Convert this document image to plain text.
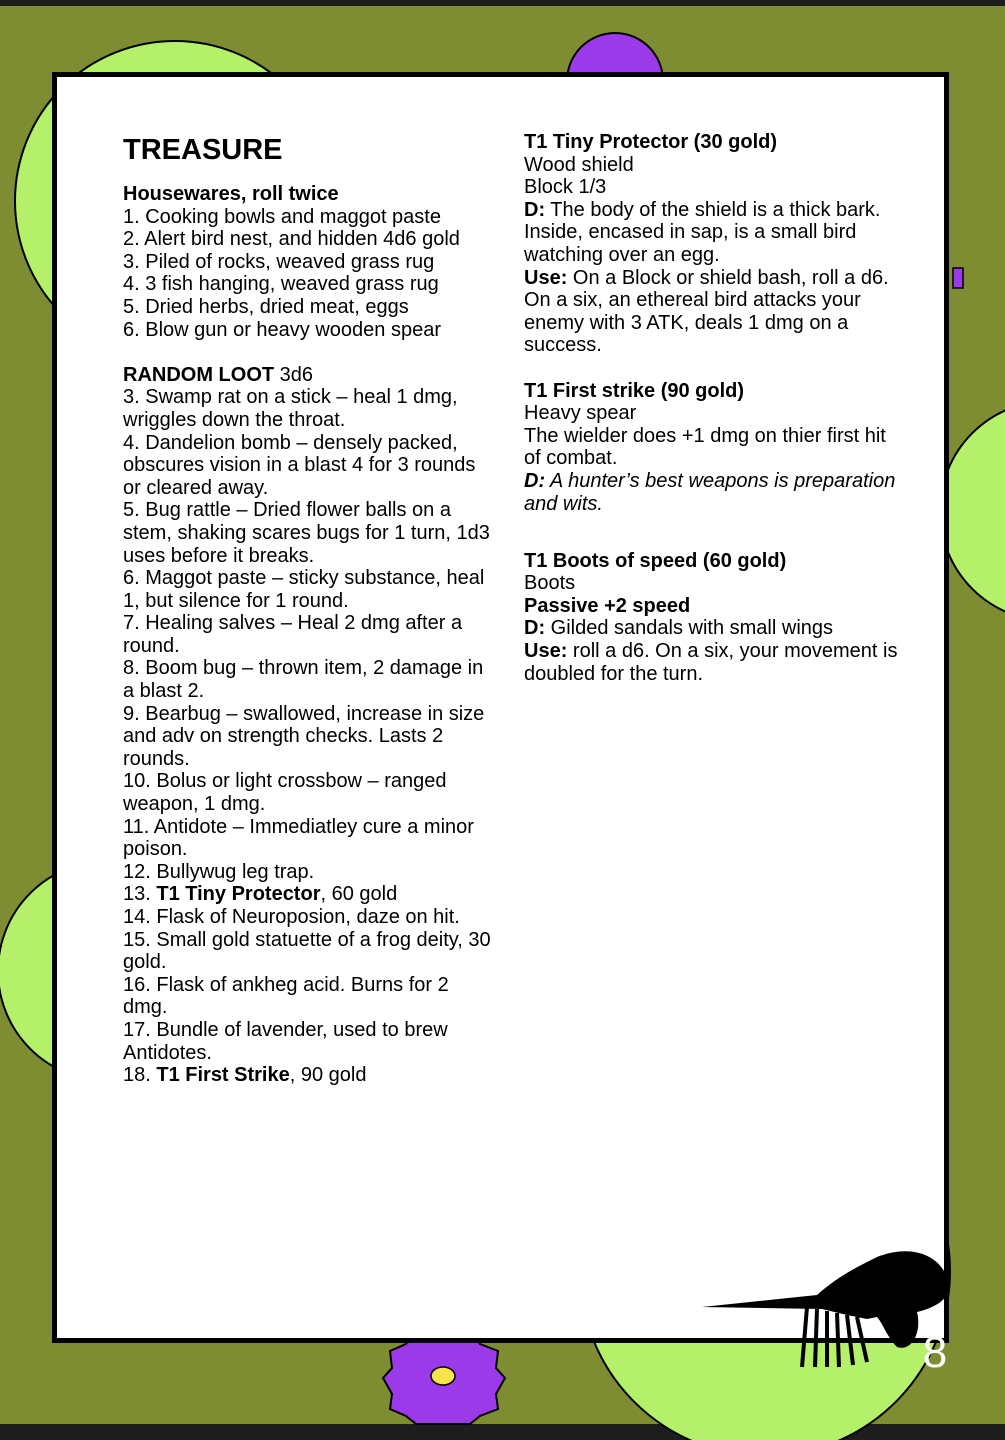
TREASURE
Housewares, roll twice

1. Cooking bowls and maggot paste

2. Alert bird nest, and hidden 4d6 gold

3. Piled of rocks, weaved grass rug

4. 3 fish hanging, weaved grass rug

5. Dried herbs, dried meat, eggs

6. Blow gun or heavy wooden spear

RANDOM LOOT 3d6

3. Swamp rat on a stick – heal 1 dmg, wriggles down the throat.

4. Dandelion bomb – densely packed, obscures vision in a blast 4 for 3 rounds or cleared away.

5. Bug rattle – Dried flower balls on a stem, shaking scares bugs for 1 turn, 1d3 uses before it breaks.

6. Maggot paste – sticky substance, heal 1, but silence for 1 round.

7. Healing salves – Heal 2 dmg after a round.

8. Boom bug – thrown item, 2 damage in a blast 2.

9. Bearbug – swallowed, increase in size and adv on strength checks. Lasts 2 rounds.

10. Bolus or light crossbow – ranged weapon, 1 dmg.

11. Antidote – Immediatley cure a minor poison.

12. Bullywug leg trap.

13. T1 Tiny Protector, 60 gold

14. Flask of Neuroposion, daze on hit.

15. Small gold statuette of a frog deity, 30 gold.

16. Flask of ankheg acid. Burns for 2 dmg.

17. Bundle of lavender, used to brew Antidotes.

18. T1 First Strike, 90 gold

T1 Tiny Protector (30 gold)

Wood shield

Block 1/3

D: The body of the shield is a thick bark. Inside, encased in sap, is a small bird watching over an egg.

Use: On a Block or shield bash, roll a d6. On a six, an ethereal bird attacks your enemy with 3 ATK, deals 1 dmg on a success.

T1 First strike (90 gold)

Heavy spear

The wielder does +1 dmg on thier first hit of combat.

D: A hunter’s best weapons is preparation and wits.

T1 Boots of speed (60 gold)

Boots

Passive +2 speed

D: Gilded sandals with small wings

Use: roll a d6. On a six, your movement is doubled for the turn.

8
